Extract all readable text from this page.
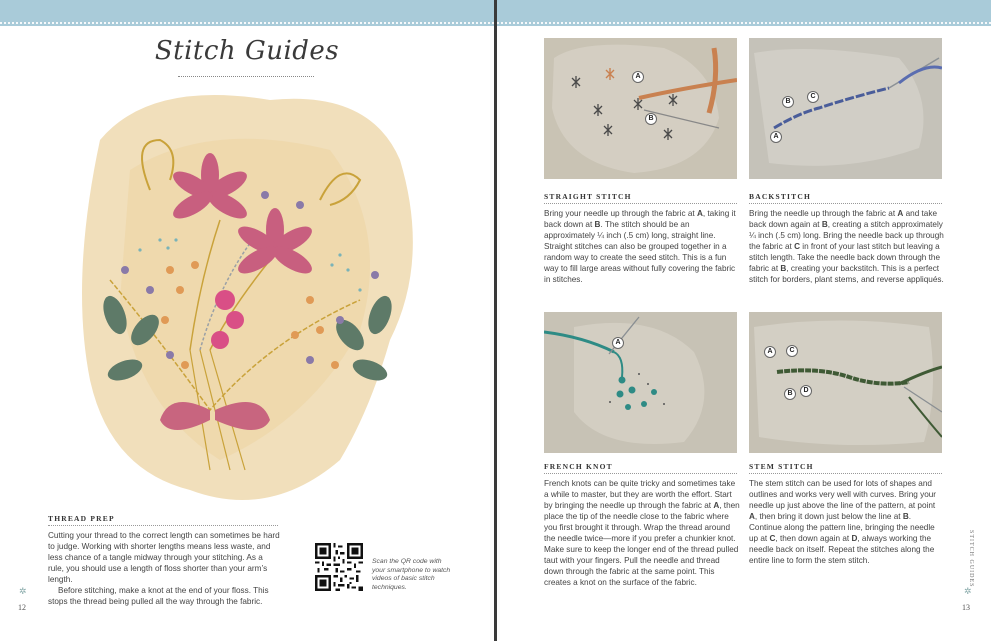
Stitch Guides
THREAD PREP

Cutting your thread to the correct length can sometimes be hard to judge. Working with shorter lengths means less waste, and less chance of a tangle midway through your stitching. As a rule, you should use a length of floss shorter than your arm’s length.

Before stitching, make a knot at the end of your floss. This stops the thread being pulled all the way through the fabric.

Scan the QR code with your smartphone to watch videos of basic stitch techniques.
✲
12
STRAIGHT STITCH

Bring your needle up through the fabric at A, taking it back down at B. The stitch should be an approximately ¼ inch (.5 cm) long, straight line. Straight stitches can also be grouped together in a random way to create the seed stitch. This is a fun way to fill large areas without fully covering the fabric in stitches.

BACKSTITCH

Bring the needle up through the fabric at A and take back down again at B, creating a stitch approximately ¼ inch (.5 cm) long. Bring the needle back up through the fabric at C in front of your last stitch but leaving a stitch length. Take the needle back down through the fabric at B, creating your backstitch. This is a perfect stitch for borders, plant stems, and reverse appliqués.

FRENCH KNOT

French knots can be quite tricky and sometimes take a while to master, but they are worth the effort. Start by bringing the needle up through the fabric at A, then place the tip of the needle close to the fabric where you first brought it through. Wrap the thread around the needle twice—more if you prefer a chunkier knot. Make sure to keep the longer end of the thread pulled taut with your fingers. Pull the needle and thread down through the fabric at the same point. This creates a knot on the surface of the fabric.

STEM STITCH

The stem stitch can be used for lots of shapes and outlines and works very well with curves. Bring your needle up just above the line of the pattern, at point A, then bring it down just below the line at B. Continue along the pattern line, bringing the needle up at C, then down again at D, always working the needle back on itself. Repeat the stitches along the entire line to form the stem stitch.	STITCH GUIDES
✲
13
A
B
B
C
A
A
A	C
B	D
